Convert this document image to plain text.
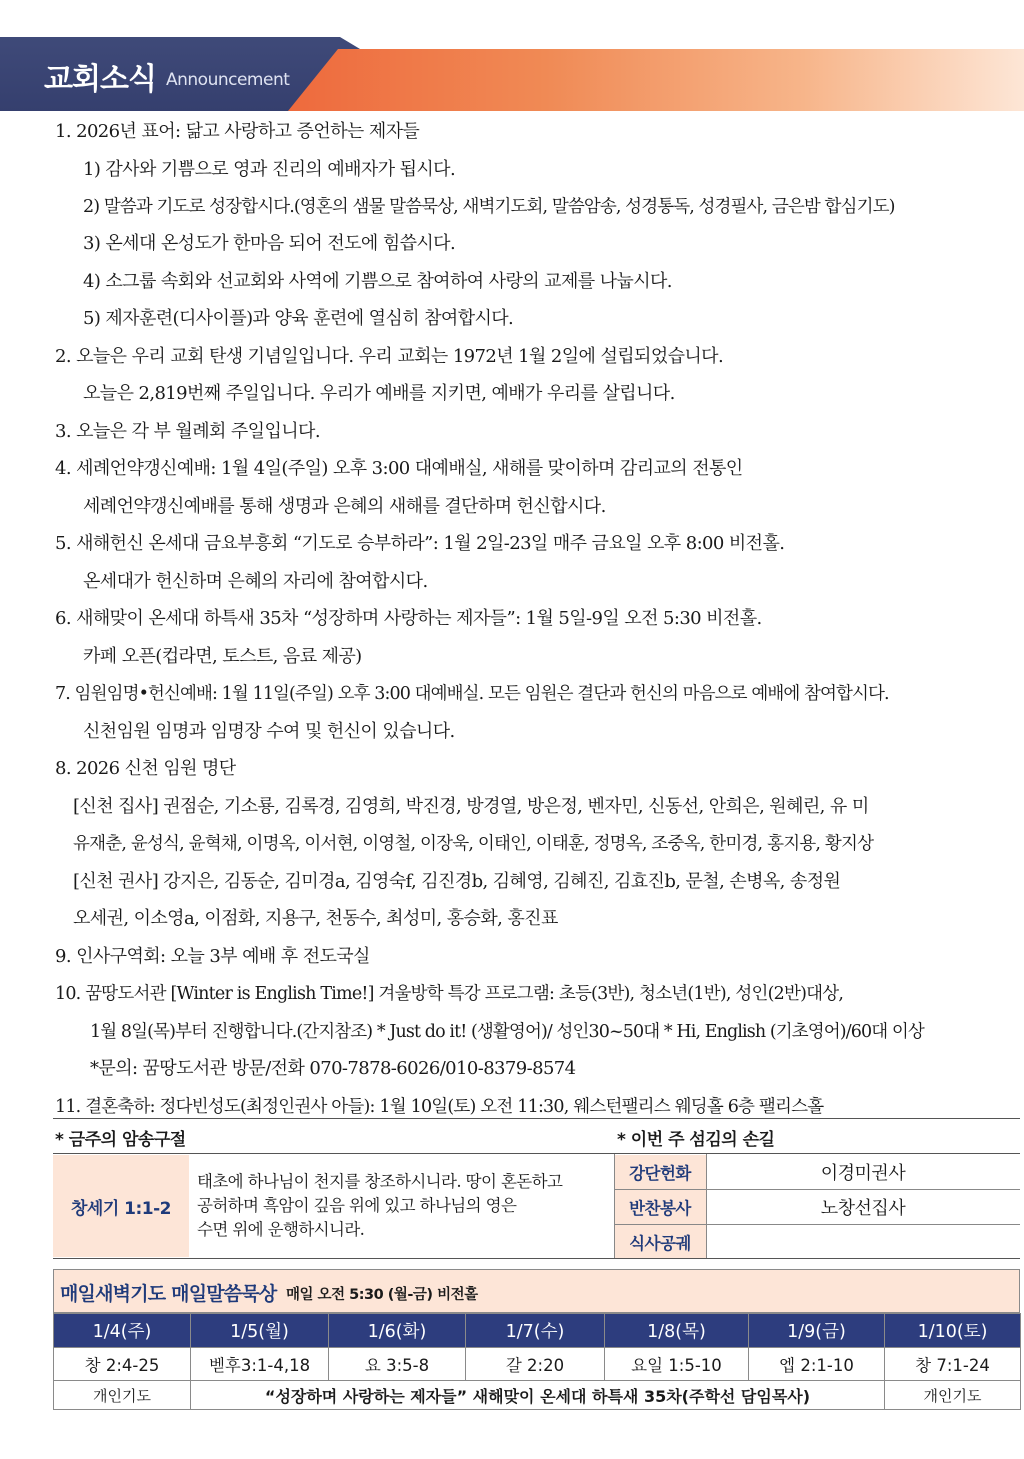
교회소식 Announcement
1. 2026년 표어: 닮고 사랑하고 증언하는 제자들
1) 감사와 기쁨으로 영과 진리의 예배자가 됩시다.
2) 말씀과 기도로 성장합시다.(영혼의 샘물 말씀묵상, 새벽기도회, 말씀암송, 성경통독, 성경필사, 금은밤 합심기도)
3) 온세대 온성도가 한마음 되어 전도에 힘씁시다.
4) 소그룹 속회와 선교회와 사역에 기쁨으로 참여하여 사랑의 교제를 나눕시다.
5) 제자훈련(디사이플)과 양육 훈련에 열심히 참여합시다.
2. 오늘은 우리 교회 탄생 기념일입니다. 우리 교회는 1972년 1월 2일에 설립되었습니다.
오늘은 2,819번째 주일입니다. 우리가 예배를 지키면, 예배가 우리를 살립니다.
3. 오늘은 각 부 월례회 주일입니다.
4. 세례언약갱신예배: 1월 4일(주일) 오후 3:00 대예배실, 새해를 맞이하며 감리교의 전통인
세례언약갱신예배를 통해 생명과 은혜의 새해를 결단하며 헌신합시다.
5. 새해헌신 온세대 금요부흥회 “기도로 승부하라”: 1월 2일-23일 매주 금요일 오후 8:00 비전홀.
온세대가 헌신하며 은혜의 자리에 참여합시다.
6. 새해맞이 온세대 하특새 35차 “성장하며 사랑하는 제자들”: 1월 5일-9일 오전 5:30 비전홀.
카페 오픈(컵라면, 토스트, 음료 제공)
7. 임원임명•헌신예배: 1월 11일(주일) 오후 3:00 대예배실. 모든 임원은 결단과 헌신의 마음으로 예배에 참여합시다.
신천임원 임명과 임명장 수여 및 헌신이 있습니다.
8. 2026 신천 임원 명단
[신천 집사] 권점순, 기소룡, 김록경, 김영희, 박진경, 방경열, 방은정, 벤자민, 신동선, 안희은, 원혜린, 유 미
유재춘, 윤성식, 윤혁채, 이명옥, 이서현, 이영철, 이장욱, 이태인, 이태훈, 정명옥, 조중옥, 한미경, 홍지용, 황지상
[신천 권사] 강지은, 김동순, 김미경a, 김영숙f, 김진경b, 김혜영, 김혜진, 김효진b, 문철, 손병옥, 송정원
오세권, 이소영a, 이점화, 지용구, 천동수, 최성미, 홍승화, 홍진표
9. 인사구역회: 오늘 3부 예배 후 전도국실
10. 꿈땅도서관 [Winter is English Time!] 겨울방학 특강 프로그램: 초등(3반), 청소년(1반), 성인(2반)대상,
1월 8일(목)부터 진행합니다.(간지참조) * Just do it! (생활영어)/ 성인30~50대 * Hi, English (기초영어)/60대 이상
*문의: 꿈땅도서관 방문/전화 070-7878-6026/010-8379-8574
11. 결혼축하: 정다빈성도(최정인권사 아들): 1월 10일(토) 오전 11:30, 웨스턴팰리스 웨딩홀 6층 팰리스홀
* 금주의 암송구절	* 이번 주 섬김의 손길
창세기 1:1-2
태초에 하나님이 천지를 창조하시니라. 땅이 혼돈하고
공허하며 흑암이 깊음 위에 있고 하나님의 영은
수면 위에 운행하시니라.
강단헌화	이경미권사
반찬봉사	노창선집사
식사공궤
매일새벽기도 매일말씀묵상 매일 오전 5:30 (월-금) 비전홀
1/4(주)	1/5(월)	1/6(화)	1/7(수)	1/8(목)	1/9(금)	1/10(토)
창 2:4-25	벧후3:1-4,18	요 3:5-8	갈 2:20	요일 1:5-10	엡 2:1-10	창 7:1-24
개인기도	“성장하며 사랑하는 제자들” 새해맞이 온세대 하특새 35차(주학선 담임목사)					개인기도
